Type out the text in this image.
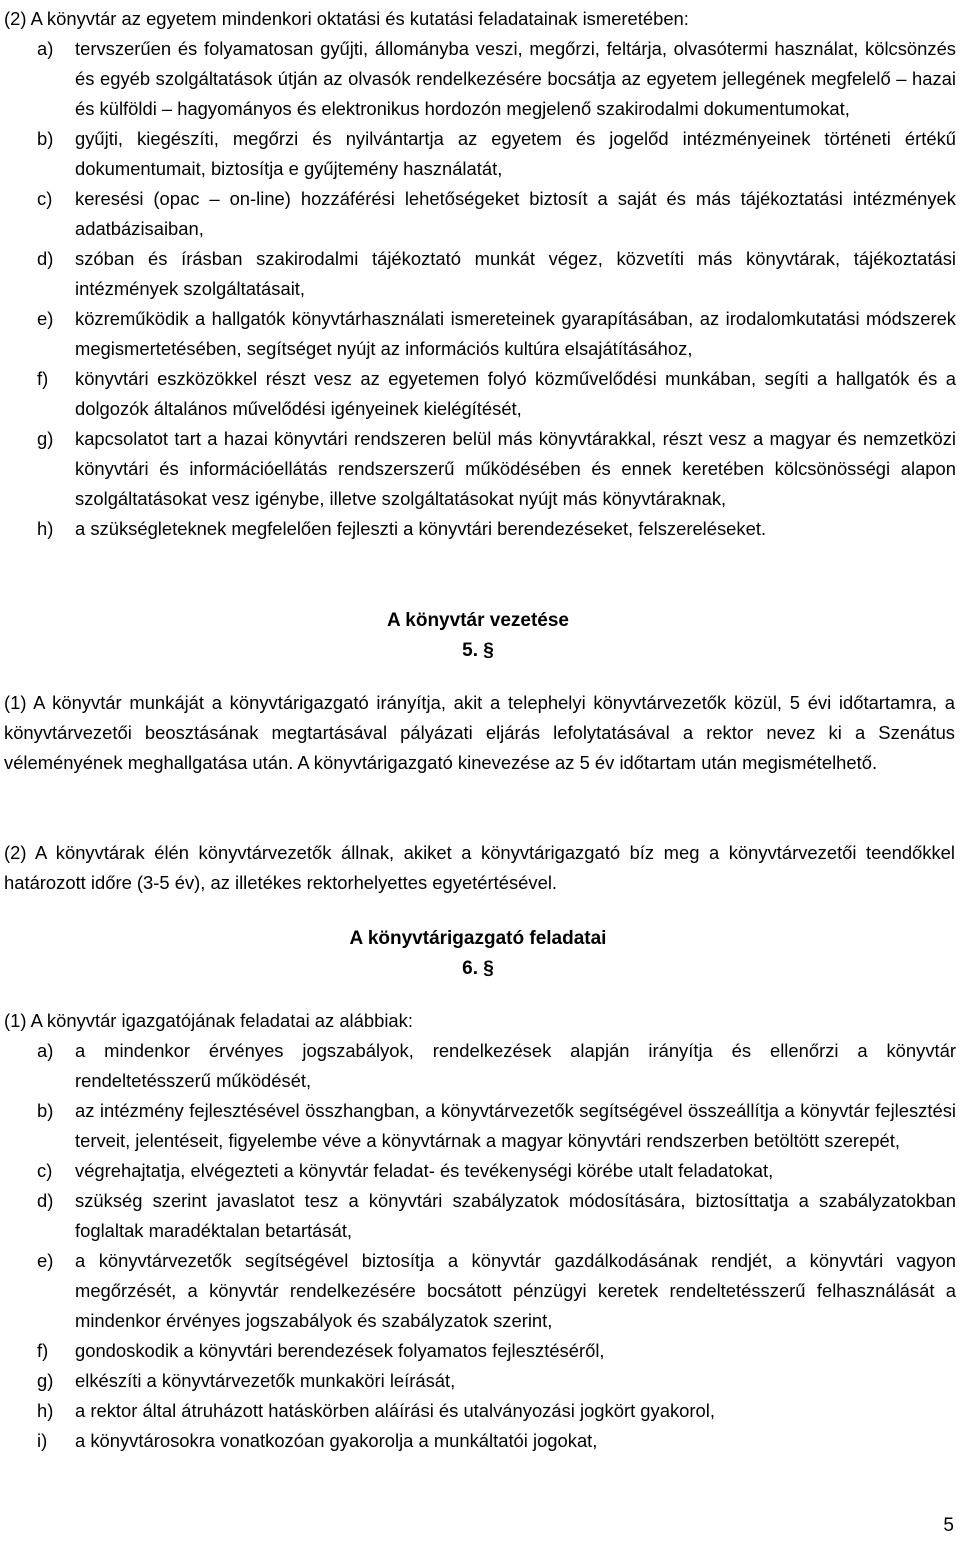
(2) A könyvtár az egyetem mindenkori oktatási és kutatási feladatainak ismeretében:
a) tervszerűen és folyamatosan gyűjti, állományba veszi, megőrzi, feltárja, olvasótermi használat, kölcsönzés és egyéb szolgáltatások útján az olvasók rendelkezésére bocsátja az egyetem jellegének megfelelő ‒ hazai és külföldi ‒ hagyományos és elektronikus hordozón megjelenő szakirodalmi dokumentumokat,
b) gyűjti, kiegészíti, megőrzi és nyilvántartja az egyetem és jogelőd intézményeinek történeti értékű dokumentumait, biztosítja e gyűjtemény használatát,
c) keresési (opac ‒ on-line) hozzáférési lehetőségeket biztosít a saját és más tájékoztatási intézmények adatbázisaiban,
d) szóban és írásban szakirodalmi tájékoztató munkát végez, közvetíti más könyvtárak, tájékoztatási intézmények szolgáltatásait,
e) közreműködik a hallgatók könyvtárhasználati ismereteinek gyarapításában, az irodalomkutatási módszerek megismertetésében, segítséget nyújt az információs kultúra elsajátításához,
f) könyvtári eszközökkel részt vesz az egyetemen folyó közművelődési munkában, segíti a hallgatók és a dolgozók általános művelődési igényeinek kielégítését,
g) kapcsolatot tart a hazai könyvtári rendszeren belül más könyvtárakkal, részt vesz a magyar és nemzetközi könyvtári és információellátás rendszerszerű működésében és ennek keretében kölcsönösségi alapon szolgáltatásokat vesz igénybe, illetve szolgáltatásokat nyújt más könyvtáraknak,
h) a szükségleteknek megfelelően fejleszti a könyvtári berendezéseket, felszereléseket.
A könyvtár vezetése
5. §
(1) A könyvtár munkáját a könyvtárigazgató irányítja, akit a telephelyi könyvtárvezetők közül, 5 évi időtartamra, a könyvtárvezetői beosztásának megtartásával pályázati eljárás lefolytatásával a rektor nevez ki a Szenátus véleményének meghallgatása után. A könyvtárigazgató kinevezése az 5 év időtartam után megismételhető.
(2) A könyvtárak élén könyvtárvezetők állnak, akiket a könyvtárigazgató bíz meg a könyvtárvezetői teendőkkel határozott időre (3-5 év), az illetékes rektorhelyettes egyetértésével.
A könyvtárigazgató feladatai
6. §
(1) A könyvtár igazgatójának feladatai az alábbiak:
a) a mindenkor érvényes jogszabályok, rendelkezések alapján irányítja és ellenőrzi a könyvtár rendeltetésszerű működését,
b) az intézmény fejlesztésével összhangban, a könyvtárvezetők segítségével összeállítja a könyvtár fejlesztési terveit, jelentéseit, figyelembe véve a könyvtárnak a magyar könyvtári rendszerben betöltött szerepét,
c) végrehajtatja, elvégezteti a könyvtár feladat- és tevékenységi körébe utalt feladatokat,
d) szükség szerint javaslatot tesz a könyvtári szabályzatok módosítására, biztosíttatja a szabályzatokban foglaltak maradéktalan betartását,
e) a könyvtárvezetők segítségével biztosítja a könyvtár gazdálkodásának rendjét, a könyvtári vagyon megőrzését, a könyvtár rendelkezésére bocsátott pénzügyi keretek rendeltetésszerű felhasználását a mindenkor érvényes jogszabályok és szabályzatok szerint,
f) gondoskodik a könyvtári berendezések folyamatos fejlesztéséről,
g) elkészíti a könyvtárvezetők munkaköri leírását,
h) a rektor által átruházott hatáskörben aláírási és utalványozási jogkört gyakorol,
i) a könyvtárosokra vonatkozóan gyakorolja a munkáltatói jogokat,
5
